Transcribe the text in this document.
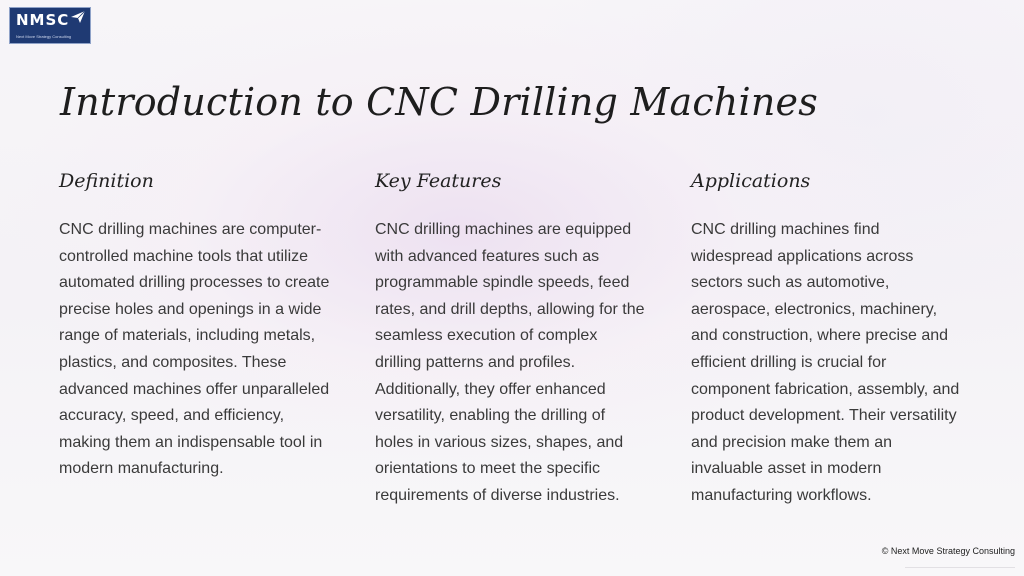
NMSC
Next Move Strategy Consulting
Introduction to CNC Drilling Machines
Definition

CNC drilling machines are computer-controlled machine tools that utilize automated drilling processes to create precise holes and openings in a wide range of materials, including metals, plastics, and composites. These advanced machines offer unparalleled accuracy, speed, and efficiency, making them an indispensable tool in modern manufacturing.

Key Features

CNC drilling machines are equipped with advanced features such as programmable spindle speeds, feed rates, and drill depths, allowing for the seamless execution of complex drilling patterns and profiles. Additionally, they offer enhanced versatility, enabling the drilling of holes in various sizes, shapes, and orientations to meet the specific requirements of diverse industries.

Applications

CNC drilling machines find widespread applications across sectors such as automotive, aerospace, electronics, machinery, and construction, where precise and efficient drilling is crucial for component fabrication, assembly, and product development. Their versatility and precision make them an invaluable asset in modern manufacturing workflows.

© Next Move Strategy Consulting
